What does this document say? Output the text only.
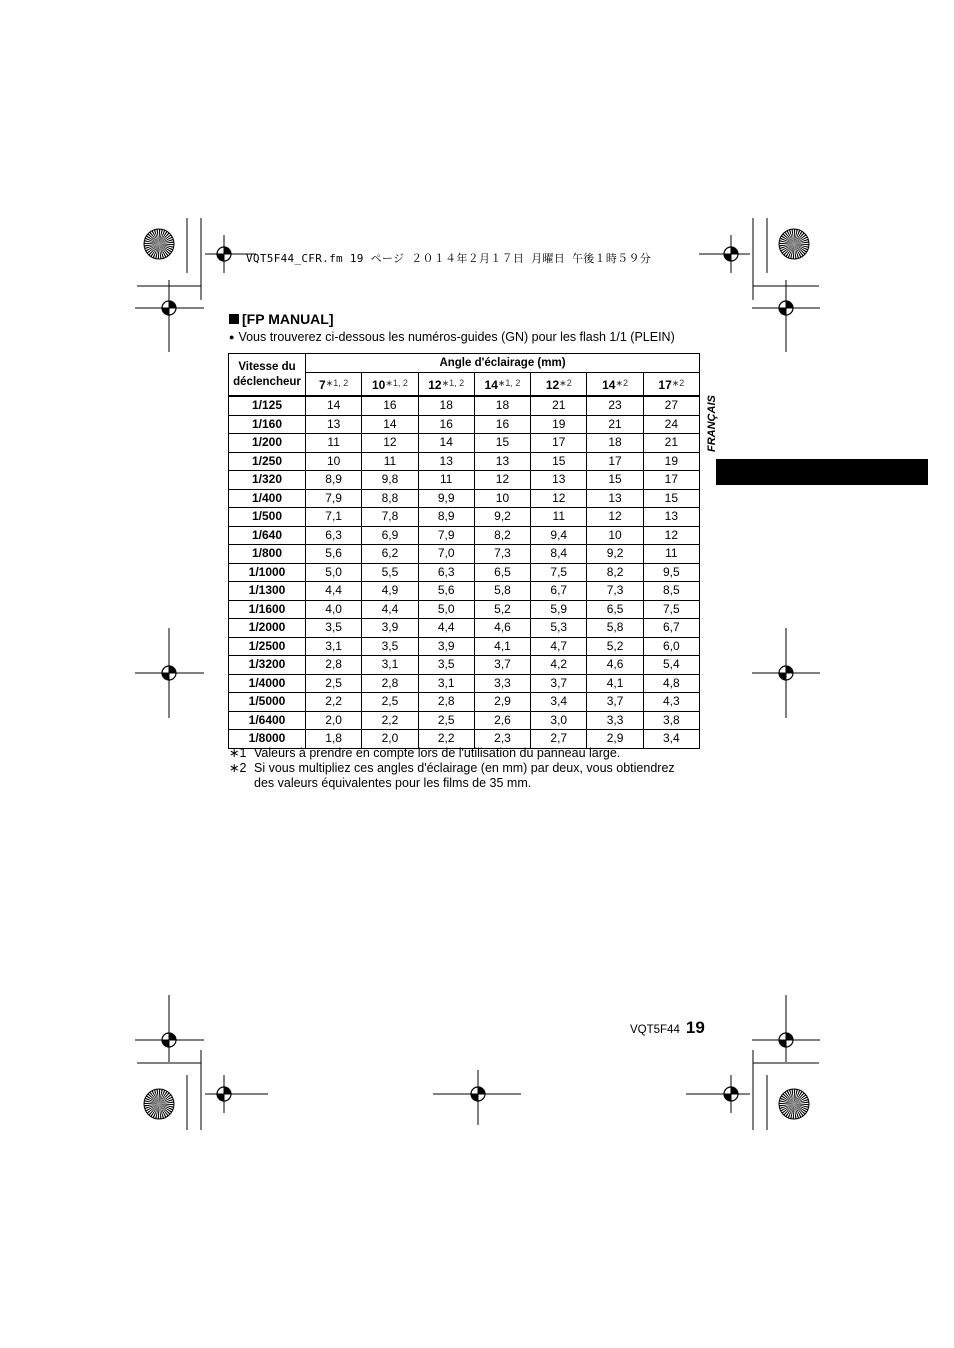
VQT5F44_CFR.fm 19 ページ ２０１４年２月１７日 月曜日 午後１時５９分
[FP MANUAL]
● Vous trouverez ci-dessous les numéros-guides (GN) pour les flash 1/1 (PLEIN)
Vitesse du déclencheur	Angle d'éclairage (mm)						
	$7^{∗1, 2}$	$10^{∗1, 2}$	$12^{∗1, 2}$	$14^{∗1, 2}$	$12^{∗2}$	$14^{∗2}$	$17^{∗2}$
1/125	14	16	18	18	21	23	27
1/160	13	14	16	16	19	21	24
1/200	11	12	14	15	17	18	21
1/250	10	11	13	13	15	17	19
1/320	8,9	9,8	11	12	13	15	17
1/400	7,9	8,8	9,9	10	12	13	15
1/500	7,1	7,8	8,9	9,2	11	12	13
1/640	6,3	6,9	7,9	8,2	9,4	10	12
1/800	5,6	6,2	7,0	7,3	8,4	9,2	11
1/1000	5,0	5,5	6,3	6,5	7,5	8,2	9,5
1/1300	4,4	4,9	5,6	5,8	6,7	7,3	8,5
1/1600	4,0	4,4	5,0	5,2	5,9	6,5	7,5
1/2000	3,5	3,9	4,4	4,6	5,3	5,8	6,7
1/2500	3,1	3,5	3,9	4,1	4,7	5,2	6,0
1/3200	2,8	3,1	3,5	3,7	4,2	4,6	5,4
1/4000	2,5	2,8	3,1	3,3	3,7	4,1	4,8
1/5000	2,2	2,5	2,8	2,9	3,4	3,7	4,3
1/6400	2,0	2,2	2,5	2,6	3,0	3,3	3,8
1/8000	1,8	2,0	2,2	2,3	2,7	2,9	3,4
∗1 Valeurs à prendre en compte lors de l'utilisation du panneau large.
∗2 Si vous multipliez ces angles d'éclairage (en mm) par deux, vous obtiendrez
des valeurs équivalentes pour les films de 35 mm.
FRANÇAIS
VQT5F44 19
